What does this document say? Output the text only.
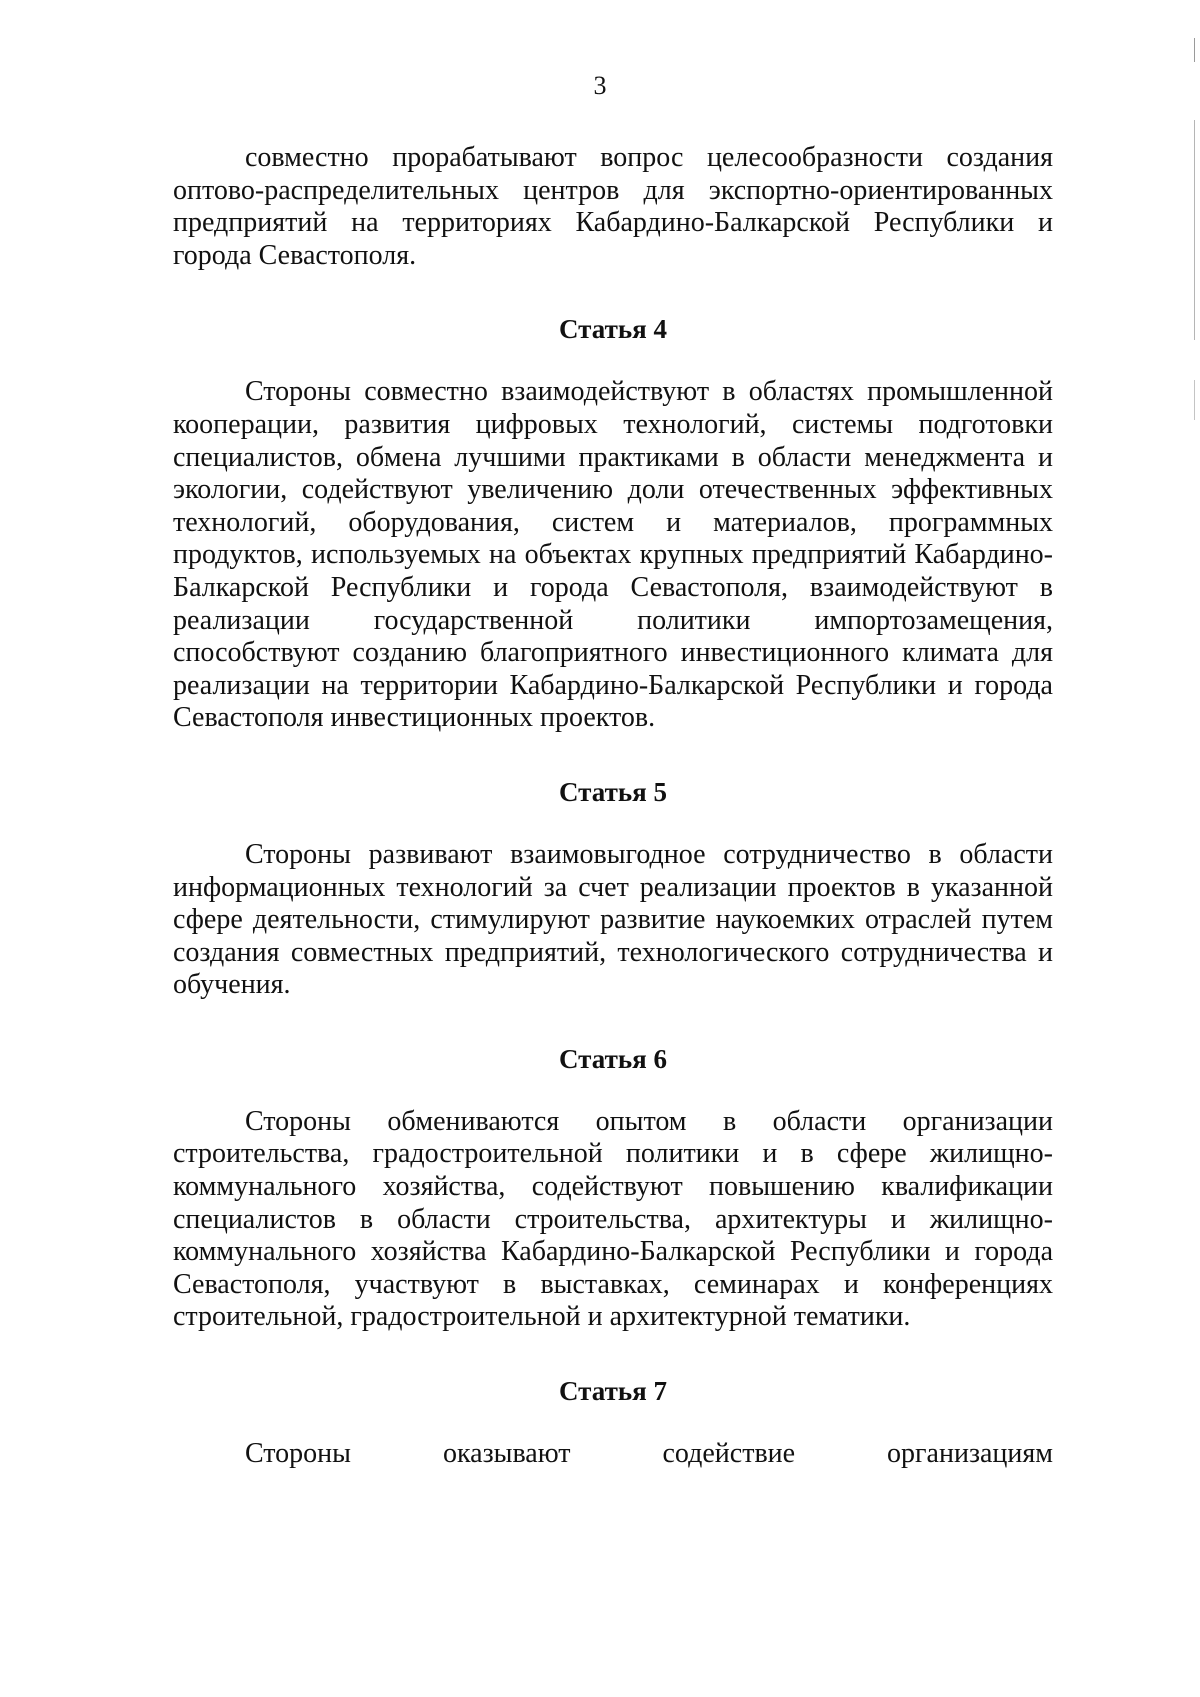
3

совместно прорабатывают вопрос целесообразности создания оптово-распределительных центров для экспортно-ориентированных предприятий на территориях Кабардино-Балкарской Республики и города Севастополя.

Статья 4

Стороны совместно взаимодействуют в областях промышленной кооперации, развития цифровых технологий, системы подготовки специалистов, обмена лучшими практиками в области менеджмента и экологии, содействуют увеличению доли отечественных эффективных технологий, оборудования, систем и материалов, программных продуктов, используемых на объектах крупных предприятий Кабардино-Балкарской Республики и города Севастополя, взаимодействуют в реализации государственной политики импортозамещения, способствуют созданию благоприятного инвестиционного климата для реализации на территории Кабардино-Балкарской Республики и города Севастополя инвестиционных проектов.

Статья 5

Стороны развивают взаимовыгодное сотрудничество в области информационных технологий за счет реализации проектов в указанной сфере деятельности, стимулируют развитие наукоемких отраслей путем создания совместных предприятий, технологического сотрудничества и обучения.

Статья 6

Стороны обмениваются опытом в области организации строительства, градостроительной политики и в сфере жилищно-коммунального хозяйства, содействуют повышению квалификации специалистов в области строительства, архитектуры и жилищно-коммунального хозяйства Кабардино-Балкарской Республики и города Севастополя, участвуют в выставках, семинарах и конференциях строительной, градостроительной и архитектурной тематики.

Статья 7

Стороны оказывают содействие организациям
